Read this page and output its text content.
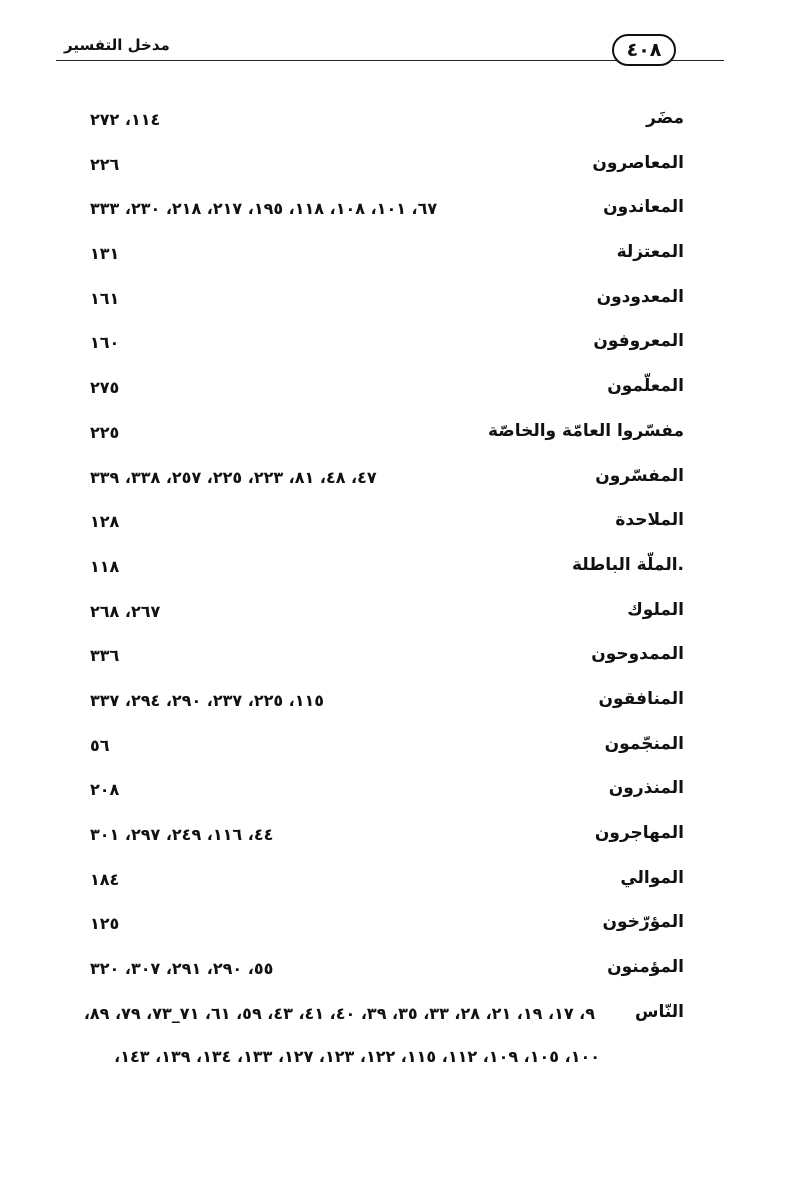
مدخل التفسير	٤٠٨
مضَر
١١٤، ٢٧٢
المعاصرون
٢٢٦
المعاندون
٦٧، ١٠١، ١٠٨، ١١٨، ١٩٥، ٢١٧، ٢١٨، ٢٣٠، ٣٣٣
المعتزلة
١٣١
المعدودون
١٦١
المعروفون
١٦٠
المعلّمون
٢٧٥
مفسّروا العامّة والخاصّة
٢٢٥
المفسّرون
٤٧، ٤٨، ٨١، ٢٢٣، ٢٢٥، ٢٥٧، ٣٣٨، ٣٣٩
الملاحدة
١٢٨
.الملّة الباطلة
١١٨
الملوك
٢٦٧، ٢٦٨
الممدوحون
٣٣٦
المنافقون
١١٥، ٢٢٥، ٢٣٧، ٢٩٠، ٢٩٤، ٣٣٧
المنجّمون
٥٦
المنذرون
٢٠٨
المهاجرون
٤٤، ١١٦، ٢٤٩، ٢٩٧، ٣٠١
الموالي
١٨٤
المؤرّخون
١٢٥
المؤمنون
٥٥، ٢٩٠، ٢٩١، ٣٠٧، ٣٢٠
النّاس
٩، ١٧، ١٩، ٢١، ٢٨، ٣٣، ٣٥، ٣٩، ٤٠، ٤١، ٤٣، ٥٩، ٦١، ٧١_٧٣، ٧٩، ٨٩،
١٠٠، ١٠٥، ١٠٩، ١١٢، ١١٥، ١٢٢، ١٢٣، ١٢٧، ١٣٣، ١٣٤، ١٣٩، ١٤٣،
